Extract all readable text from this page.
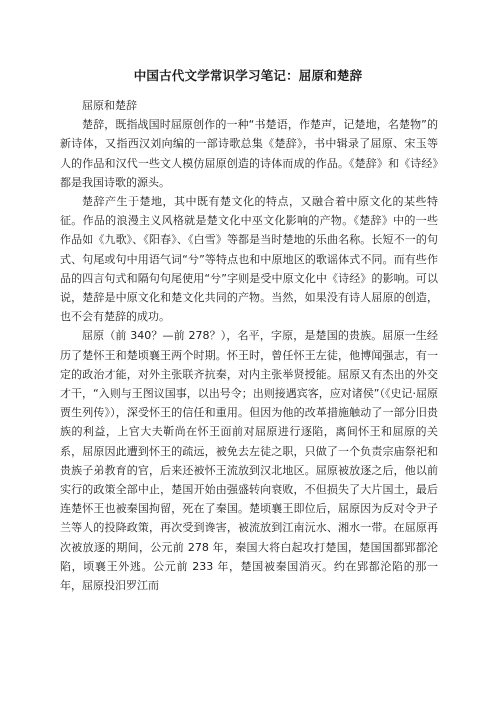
中国古代文学常识学习笔记：屈原和楚辞

屈原和楚辞

楚辞，既指战国时屈原创作的一种“书楚语，作楚声，记楚地，名楚物”的新诗体，又指西汉刘向编的一部诗歌总集《楚辞》，书中辑录了屈原、宋玉等人的作品和汉代一些文人模仿屈原创造的诗体而成的作品。《楚辞》和《诗经》都是我国诗歌的源头。

楚辞产生于楚地，其中既有楚文化的特点，又融合着中原文化的某些特征。作品的浪漫主义风格就是楚文化中巫文化影响的产物。《楚辞》中的一些作品如《九歌》、《阳春》、《白雪》等都是当时楚地的乐曲名称。长短不一的句式、句尾或句中用语气词“兮”等特点也和中原地区的歌谣体式不同。而有些作品的四言句式和隔句句尾使用“兮”字则是受中原文化中《诗经》的影响。可以说，楚辞是中原文化和楚文化共同的产物。当然，如果没有诗人屈原的创造，也不会有楚辞的成功。

屈原（前 340？—前 278？），名平，字原，是楚国的贵族。屈原一生经历了楚怀王和楚顷襄王两个时期。怀王时，曾任怀王左徒，他博闻强志，有一定的政治才能，对外主张联齐抗秦，对内主张举贤授能。屈原又有杰出的外交才干，“入则与王图议国事，以出号令；出则接遇宾客，应对诸侯”（《史记·屈原贾生列传》），深受怀王的信任和重用。但因为他的改革措施触动了一部分旧贵族的利益，上官大夫靳尚在怀王面前对屈原进行逐陷，离间怀王和屈原的关系，屈原因此遭到怀王的疏远，被免去左徒之职，只做了一个负责宗庙祭祀和贵族子弟教育的官，后来还被怀王流放到汉北地区。屈原被放逐之后，他以前实行的政策全部中止，楚国开始由强盛转向衰败，不但损失了大片国土，最后连楚怀王也被秦国拘留，死在了秦国。楚顷襄王即位后，屈原因为反对令尹子兰等人的投降政策，再次受到谗害，被流放到江南沅水、湘水一带。在屈原再次被放逐的期间，公元前 278 年，秦国大将白起攻打楚国，楚国国都郢都沦陷，顷襄王外逃。公元前 233 年，楚国被秦国消灭。约在郢都沦陷的那一年，屈原投汨罗江而
